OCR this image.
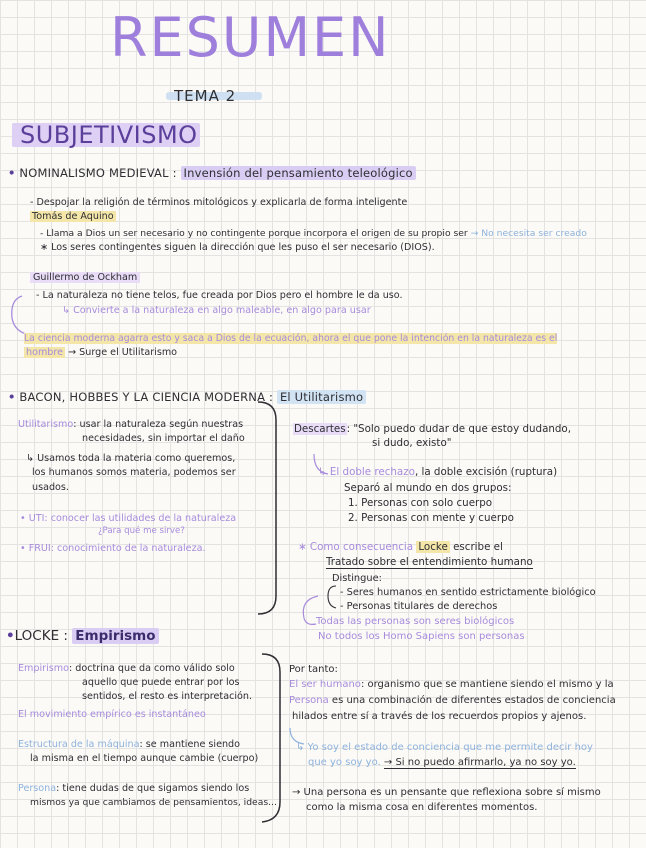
RESUMEN
TEMA 2
SUBJETIVISMO
• NOMINALISMO MEDIEVAL : Invensión del pensamiento teleológico
- Despojar la religión de términos mitológicos y explicarla de forma inteligente
Tomás de Aquino
- Llama a Dios un ser necesario y no contingente porque incorpora el origen de su propio ser → No necesita ser creado
∗ Los seres contingentes siguen la dirección que les puso el ser necesario (DIOS).
Guillermo de Ockham
- La naturaleza no tiene telos, fue creada por Dios pero el hombre le da uso.
↳ Convierte a la naturaleza en algo maleable, en algo para usar
La ciencia moderna agarra esto y saca a Dios de la ecuación, ahora el que pone la intención en la naturaleza es el
hombre → Surge el Utilitarismo
• BACON, HOBBES Y LA CIENCIA MODERNA : El Utilitarismo
Utilitarismo: usar la naturaleza según nuestras
necesidades, sin importar el daño
↳ Usamos toda la materia como queremos,
los humanos somos materia, podemos ser
usados.
• UTI: conocer las utilidades de la naturaleza
¿Para qué me sirve?
• FRUI: conocimiento de la naturaleza.
Descartes: "Solo puedo dudar de que estoy dudando,
si dudo, existo"
↳ El doble rechazo, la doble excisión (ruptura)
Separó al mundo en dos grupos:
1. Personas con solo cuerpo
2. Personas con mente y cuerpo
∗ Como consecuencia Locke escribe el
Tratado sobre el entendimiento humano
Distingue:
- Seres humanos en sentido estrictamente biológico
- Personas titulares de derechos
Todas las personas son seres biológicos
No todos los Homo Sapiens son personas
•LOCKE : Empirismo
Empirismo: doctrina que da como válido solo
aquello que puede entrar por los
sentidos, el resto es interpretación.
El movimiento empírico es instantáneo
Estructura de la máquina: se mantiene siendo
la misma en el tiempo aunque cambie (cuerpo)
Persona: tiene dudas de que sigamos siendo los
mismos ya que cambiamos de pensamientos, ideas...
Por tanto:
El ser humano: organismo que se mantiene siendo el mismo y la
Persona es una combinación de diferentes estados de conciencia
hilados entre sí a través de los recuerdos propios y ajenos.
↳ Yo soy el estado de conciencia que me permite decir hoy
que yo soy yo. → Si no puedo afirmarlo, ya no soy yo.
→ Una persona es un pensante que reflexiona sobre sí mismo
como la misma cosa en diferentes momentos.
